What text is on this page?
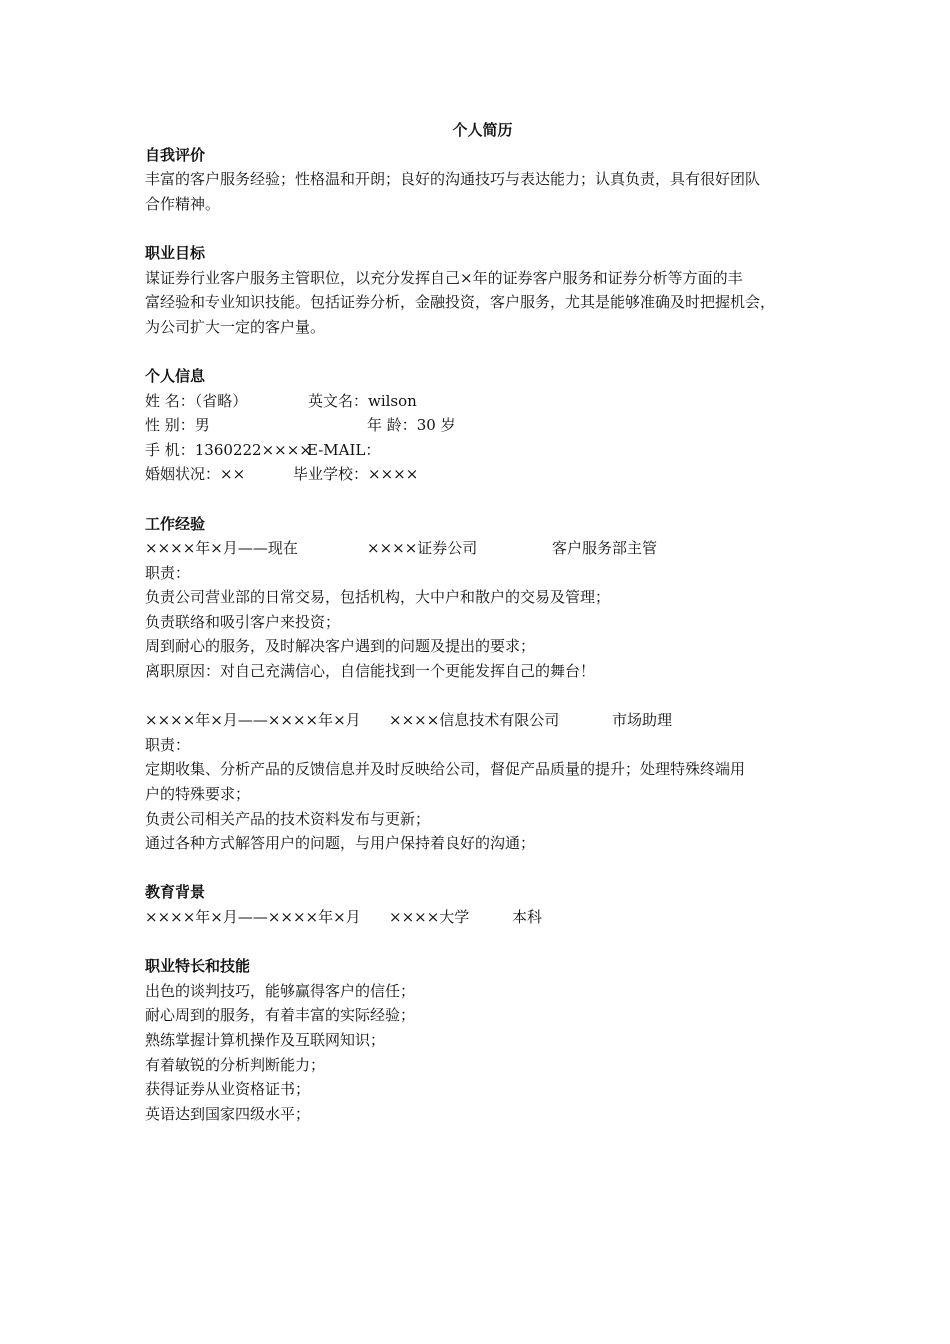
个人简历
自我评价
丰富的客户服务经验；性格温和开朗；良好的沟通技巧与表达能力；认真负责，具有很好团队
合作精神。
职业目标
谋证券行业客户服务主管职位，以充分发挥自己×年的证券客户服务和证券分析等方面的丰
富经验和专业知识技能。包括证券分析，金融投资，客户服务，尤其是能够准确及时把握机会，
为公司扩大一定的客户量。
个人信息
姓 名：（省略）	英文名：wilson
性 别：男	年 龄：30 岁
手 机：1360222××××
E-MAIL：
婚姻状况：××	毕业学校：××××
工作经验
××××年×月——现在	××××证券公司	客户服务部主管
职责：
负责公司营业部的日常交易，包括机构，大中户和散户的交易及管理；
负责联络和吸引客户来投资；
周到耐心的服务，及时解决客户遇到的问题及提出的要求；
离职原因：对自己充满信心，自信能找到一个更能发挥自己的舞台！
××××年×月——××××年×月 ××××信息技术有限公司	市场助理
职责：
定期收集、分析产品的反馈信息并及时反映给公司，督促产品质量的提升；处理特殊终端用
户的特殊要求；
负责公司相关产品的技术资料发布与更新；
通过各种方式解答用户的问题，与用户保持着良好的沟通；
教育背景
××××年×月——××××年×月 ××××大学	本科
职业特长和技能
出色的谈判技巧，能够赢得客户的信任；
耐心周到的服务，有着丰富的实际经验；
熟练掌握计算机操作及互联网知识；
有着敏锐的分析判断能力；
获得证券从业资格证书；
英语达到国家四级水平；
